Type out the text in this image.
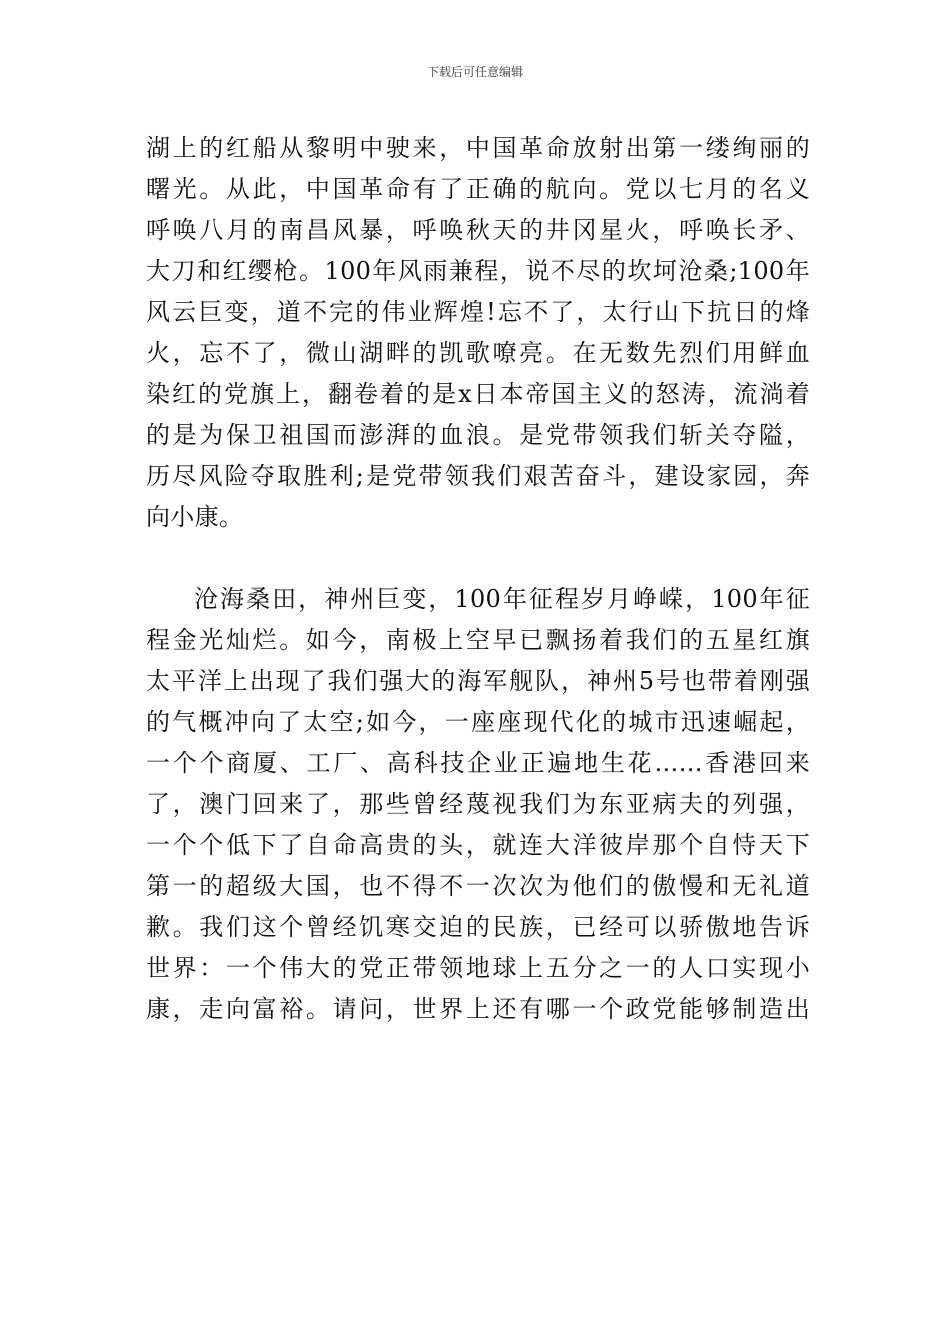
下载后可任意编辑
湖上的红船从黎明中驶来，中国革命放射出第一缕绚丽的
曙光。从此，中国革命有了正确的航向。党以七月的名义
呼唤八月的南昌风暴，呼唤秋天的井冈星火，呼唤长矛、
大刀和红缨枪。100年风雨兼程，说不尽的坎坷沧桑;100年
风云巨变，道不完的伟业辉煌!忘不了，太行山下抗日的烽
火，忘不了，微山湖畔的凯歌嘹亮。在无数先烈们用鲜血
染红的党旗上，翻卷着的是x日本帝国主义的怒涛，流淌着
的是为保卫祖国而澎湃的血浪。是党带领我们斩关夺隘，
历尽风险夺取胜利;是党带领我们艰苦奋斗，建设家园，奔
向小康。
沧海桑田，神州巨变，100年征程岁月峥嵘，100年征
程金光灿烂。如今，南极上空早已飘扬着我们的五星红旗
太平洋上出现了我们强大的海军舰队，神州5号也带着刚强
的气概冲向了太空;如今，一座座现代化的城市迅速崛起，
一个个商厦、工厂、高科技企业正遍地生花……香港回来
了，澳门回来了，那些曾经蔑视我们为东亚病夫的列强，
一个个低下了自命高贵的头，就连大洋彼岸那个自恃天下
第一的超级大国，也不得不一次次为他们的傲慢和无礼道
歉。我们这个曾经饥寒交迫的民族，已经可以骄傲地告诉
世界：一个伟大的党正带领地球上五分之一的人口实现小
康，走向富裕。请问，世界上还有哪一个政党能够制造出
